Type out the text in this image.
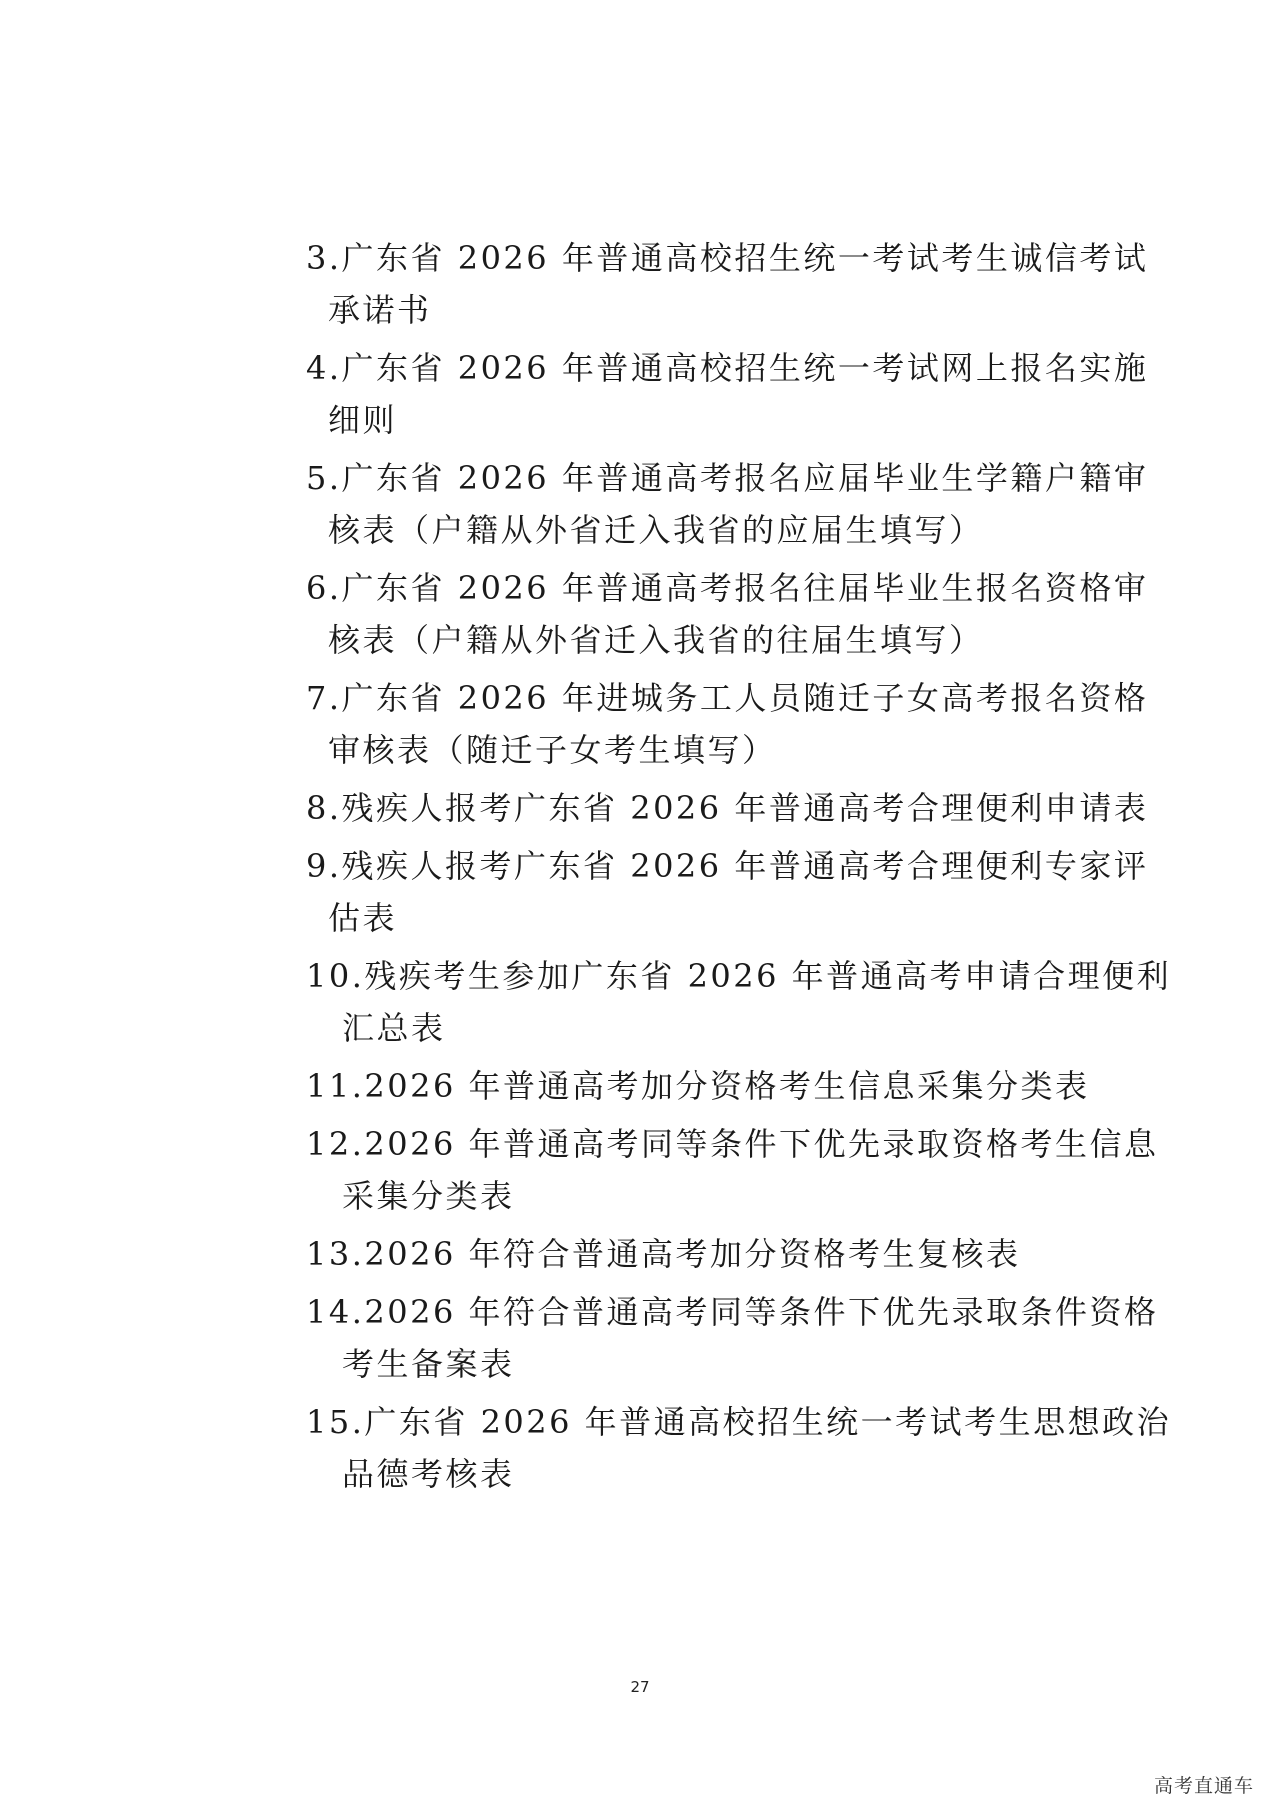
3.广东省 2026 年普通高校招生统一考试考生诚信考试
承诺书
4.广东省 2026 年普通高校招生统一考试网上报名实施
细则
5.广东省 2026 年普通高考报名应届毕业生学籍户籍审
核表（户籍从外省迁入我省的应届生填写）
6.广东省 2026 年普通高考报名往届毕业生报名资格审
核表（户籍从外省迁入我省的往届生填写）
7.广东省 2026 年进城务工人员随迁子女高考报名资格
审核表（随迁子女考生填写）
8.残疾人报考广东省 2026 年普通高考合理便利申请表
9.残疾人报考广东省 2026 年普通高考合理便利专家评
估表
10.残疾考生参加广东省 2026 年普通高考申请合理便利
汇总表
11.2026 年普通高考加分资格考生信息采集分类表
12.2026 年普通高考同等条件下优先录取资格考生信息
采集分类表
13.2026 年符合普通高考加分资格考生复核表
14.2026 年符合普通高考同等条件下优先录取条件资格
考生备案表
15.广东省 2026 年普通高校招生统一考试考生思想政治
品德考核表
27
高考直通车
